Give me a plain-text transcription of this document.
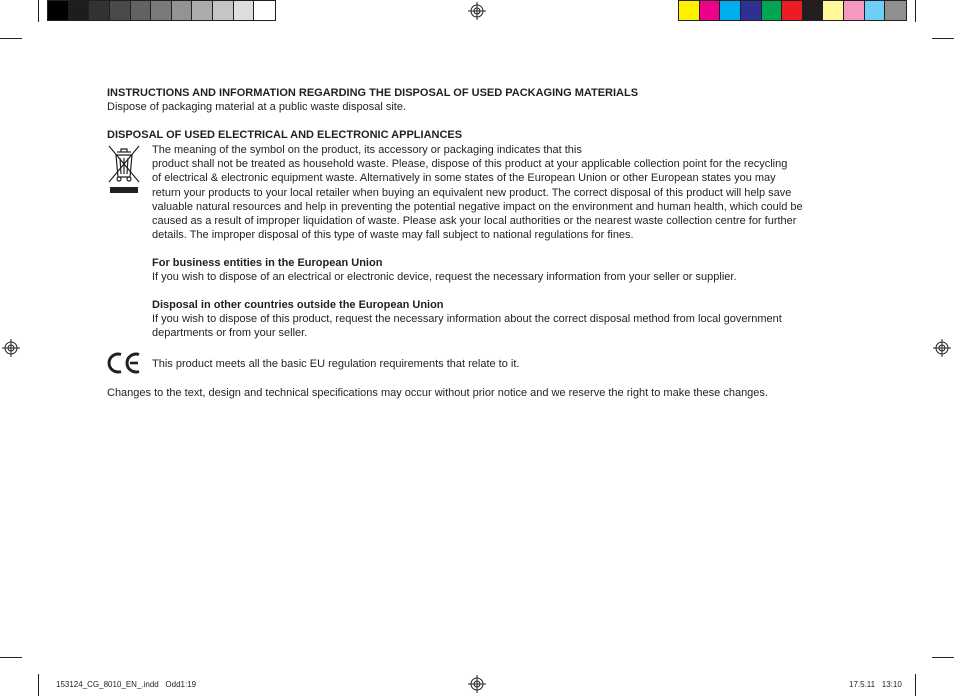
INSTRUCTIONS AND INFORMATION REGARDING THE DISPOSAL OF USED PACKAGING MATERIALS
Dispose of packaging material at a public waste disposal site.
DISPOSAL OF USED ELECTRICAL AND ELECTRONIC APPLIANCES
The meaning of the symbol on the product, its accessory or packaging indicates that this
product shall not be treated as household waste. Please, dispose of this product at your applicable collection point for the recycling
of electrical & electronic equipment waste. Alternatively in some states of the European Union or other European states you may
return your products to your local retailer when buying an equivalent new product. The correct disposal of this product will help save
valuable natural resources and help in preventing the potential negative impact on the environment and human health, which could be
caused as a result of improper liquidation of waste. Please ask your local authorities or the nearest waste collection centre for further
details. The improper disposal of this type of waste may fall subject to national regulations for fines.
For business entities in the European Union
If you wish to dispose of an electrical or electronic device, request the necessary information from your seller or supplier.
Disposal in other countries outside the European Union
If you wish to dispose of this product, request the necessary information about the correct disposal method from local government
departments or from your seller.
This product meets all the basic EU regulation requirements that relate to it.
Changes to the text, design and technical specifications may occur without prior notice and we reserve the right to make these changes.
153124_CG_8010_EN_.indd   Odd1:19	17.5.11   13:10
